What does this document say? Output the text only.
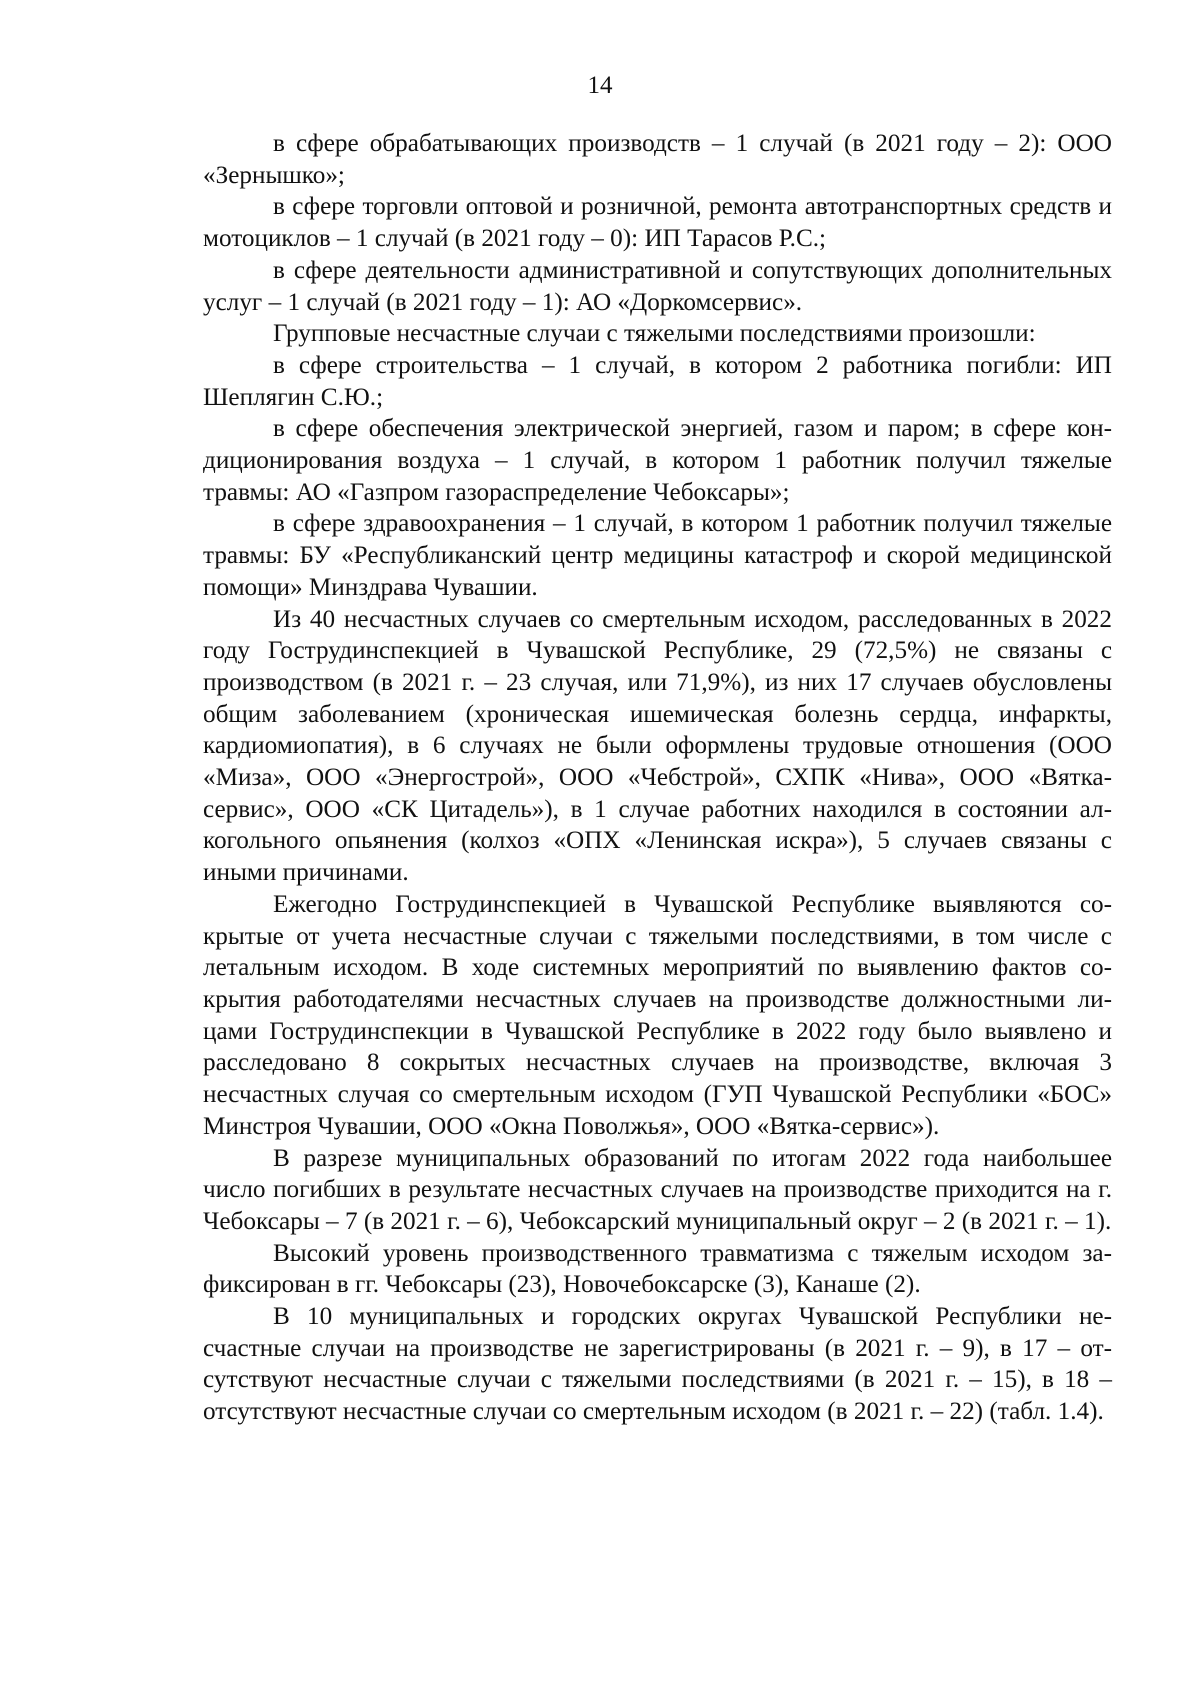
14

в сфере обрабатывающих производств – 1 случай (в 2021 году – 2): ООО «Зернышко»;

в сфере торговли оптовой и розничной, ремонта автотранспортных средств и мотоциклов – 1 случай (в 2021 году – 0): ИП Тарасов Р.С.;

в сфере деятельности административной и сопутствующих дополнительных услуг – 1 случай (в 2021 году – 1): АО «Доркомсервис».

Групповые несчастные случаи с тяжелыми последствиями произошли:

в сфере строительства – 1 случай, в котором 2 работника погибли: ИП Шеплягин С.Ю.;

в сфере обеспечения электрической энергией, газом и паром; в сфере кондиционирования воздуха – 1 случай, в котором 1 работник получил тяжелые травмы: АО «Газпром газораспределение Чебоксары»;

в сфере здравоохранения – 1 случай, в котором 1 работник получил тяжелые травмы: БУ «Республиканский центр медицины катастроф и скорой медицинской помощи» Минздрава Чувашии.

Из 40 несчастных случаев со смертельным исходом, расследованных в 2022 году Гострудинспекцией в Чувашской Республике, 29 (72,5%) не связаны с производством (в 2021 г. – 23 случая, или 71,9%), из них 17 случаев обусловлены общим заболеванием (хроническая ишемическая болезнь сердца, инфаркты, кардиомиопатия), в 6 случаях не были оформлены трудовые отношения (ООО «Миза», ООО «Энергострой», ООО «Чебстрой», СХПК «Нива», ООО «Вятка-сервис», ООО «СК Цитадель»), в 1 случае работних находился в состоянии алкогольного опьянения (колхоз «ОПХ «Ленинская искра»), 5 случаев связаны с иными причинами.

Ежегодно Гострудинспекцией в Чувашской Республике выявляются сокрытые от учета несчастные случаи с тяжелыми последствиями, в том числе с летальным исходом. В ходе системных мероприятий по выявлению фактов сокрытия работодателями несчастных случаев на производстве должностными лицами Гострудинспекции в Чувашской Республике в 2022 году было выявлено и расследовано 8 сокрытых несчастных случаев на производстве, включая 3 несчастных случая со смертельным исходом (ГУП Чувашской Республики «БОС» Минстроя Чувашии, ООО «Окна Поволжья», ООО «Вятка-сервис»).

В разрезе муниципальных образований по итогам 2022 года наибольшее число погибших в результате несчастных случаев на производстве приходится на г. Чебоксары – 7 (в 2021 г. – 6), Чебоксарский муниципальный округ – 2 (в 2021 г. – 1).

Высокий уровень производственного травматизма с тяжелым исходом зафиксирован в гг. Чебоксары (23), Новочебоксарске (3), Канаше (2).

В 10 муниципальных и городских округах Чувашской Республики несчастные случаи на производстве не зарегистрированы (в 2021 г. – 9), в 17 – отсутствуют несчастные случаи с тяжелыми последствиями (в 2021 г. – 15), в 18 – отсутствуют несчастные случаи со смертельным исходом (в 2021 г. – 22) (табл. 1.4).
